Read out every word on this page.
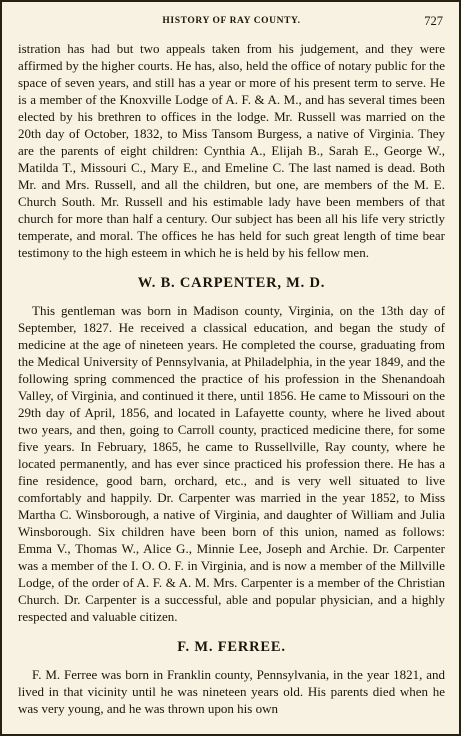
HISTORY OF RAY COUNTY.	727

istration has had but two appeals taken from his judgement, and they were affirmed by the higher courts. He has, also, held the office of notary public for the space of seven years, and still has a year or more of his present term to serve. He is a member of the Knoxville Lodge of A. F. & A. M., and has several times been elected by his brethren to offices in the lodge. Mr. Russell was married on the 20th day of October, 1832, to Miss Tansom Burgess, a native of Virginia. They are the parents of eight children: Cynthia A., Elijah B., Sarah E., George W., Matilda T., Missouri C., Mary E., and Emeline C. The last named is dead. Both Mr. and Mrs. Russell, and all the children, but one, are members of the M. E. Church South. Mr. Russell and his estimable lady have been members of that church for more than half a century. Our subject has been all his life very strictly temperate, and moral. The offices he has held for such great length of time bear testimony to the high esteem in which he is held by his fellow men.

W. B. CARPENTER, M. D.

This gentleman was born in Madison county, Virginia, on the 13th day of September, 1827. He received a classical education, and began the study of medicine at the age of nineteen years. He completed the course, graduating from the Medical University of Pennsylvania, at Philadelphia, in the year 1849, and the following spring commenced the practice of his profession in the Shenandoah Valley, of Virginia, and continued it there, until 1856. He came to Missouri on the 29th day of April, 1856, and located in Lafayette county, where he lived about two years, and then, going to Carroll county, practiced medicine there, for some five years. In February, 1865, he came to Russellville, Ray county, where he located permanently, and has ever since practiced his profession there. He has a fine residence, good barn, orchard, etc., and is very well situated to live comfortably and happily. Dr. Carpenter was married in the year 1852, to Miss Martha C. Winsborough, a native of Virginia, and daughter of William and Julia Winsborough. Six children have been born of this union, named as follows: Emma V., Thomas W., Alice G., Minnie Lee, Joseph and Archie. Dr. Carpenter was a member of the I. O. O. F. in Virginia, and is now a member of the Millville Lodge, of the order of A. F. & A. M. Mrs. Carpenter is a member of the Christian Church. Dr. Carpenter is a successful, able and popular physician, and a highly respected and valuable citizen.

F. M. FERREE.

F. M. Ferree was born in Franklin county, Pennsylvania, in the year 1821, and lived in that vicinity until he was nineteen years old. His parents died when he was very young, and he was thrown upon his own
